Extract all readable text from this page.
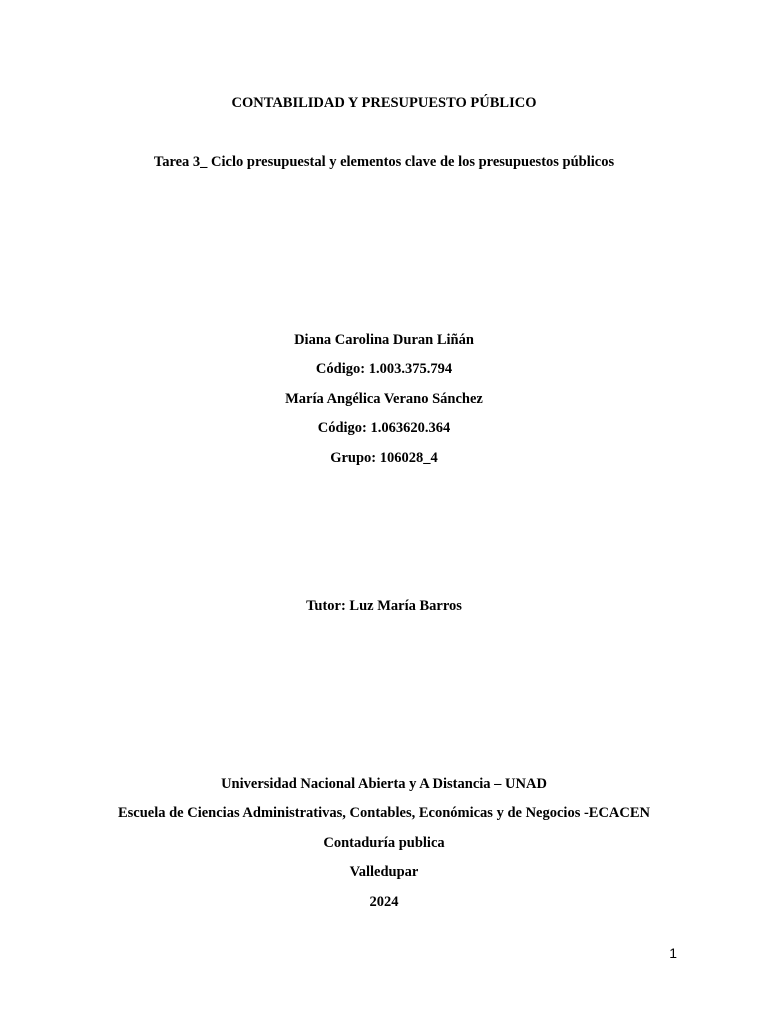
CONTABILIDAD Y PRESUPUESTO PÚBLICO
Tarea 3_ Ciclo presupuestal y elementos clave de los presupuestos públicos
Diana Carolina Duran Liñán
Código: 1.003.375.794
María Angélica Verano Sánchez
Código: 1.063620.364
Grupo: 106028_4
Tutor: Luz María Barros
Universidad Nacional Abierta y A Distancia – UNAD
Escuela de Ciencias Administrativas, Contables, Económicas y de Negocios -ECACEN
Contaduría publica
Valledupar
2024
1
